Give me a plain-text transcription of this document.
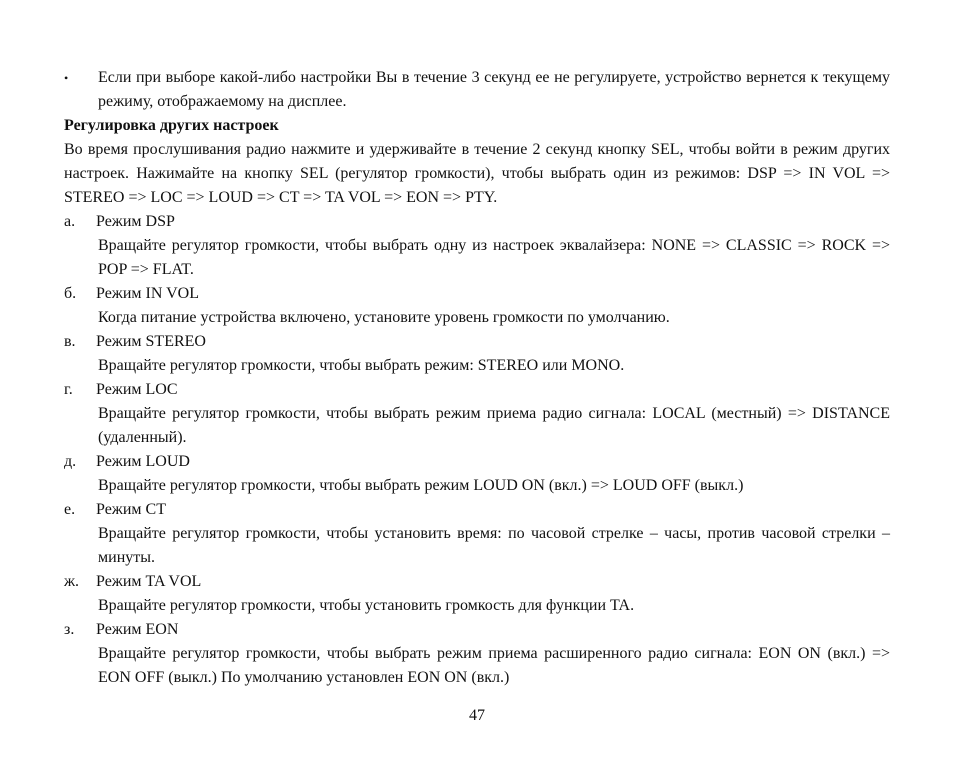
• Если при выборе какой-либо настройки Вы в течение 3 секунд ее не регулируете, устройство вернется к текущему режиму, отображаемому на дисплее.
Регулировка других настроек
Во время прослушивания радио нажмите и удерживайте в течение 2 секунд кнопку SEL, чтобы войти в режим других настроек. Нажимайте на кнопку SEL (регулятор громкости), чтобы выбрать один из режимов: DSP => IN VOL => STEREO => LOC => LOUD => CT => TA VOL => EON => PTY.
а. Режим DSP
Вращайте регулятор громкости, чтобы выбрать одну из настроек эквалайзера: NONE => CLASSIC => ROCK => POP => FLAT.
б. Режим IN VOL
Когда питание устройства включено, установите уровень громкости по умолчанию.
в. Режим STEREO
Вращайте регулятор громкости, чтобы выбрать режим: STEREO или MONO.
г. Режим LOC
Вращайте регулятор громкости, чтобы выбрать режим приема радио сигнала: LOCAL (местный) => DISTANCE (удаленный).
д. Режим LOUD
Вращайте регулятор громкости, чтобы выбрать режим LOUD ON (вкл.) => LOUD OFF (выкл.)
е. Режим CT
Вращайте регулятор громкости, чтобы установить время: по часовой стрелке – часы, против часовой стрелки – минуты.
ж. Режим TA VOL
Вращайте регулятор громкости, чтобы установить громкость для функции TA.
з. Режим EON
Вращайте регулятор громкости, чтобы выбрать режим приема расширенного радио сигнала: EON ON (вкл.) => EON OFF (выкл.) По умолчанию установлен EON ON (вкл.)
47
